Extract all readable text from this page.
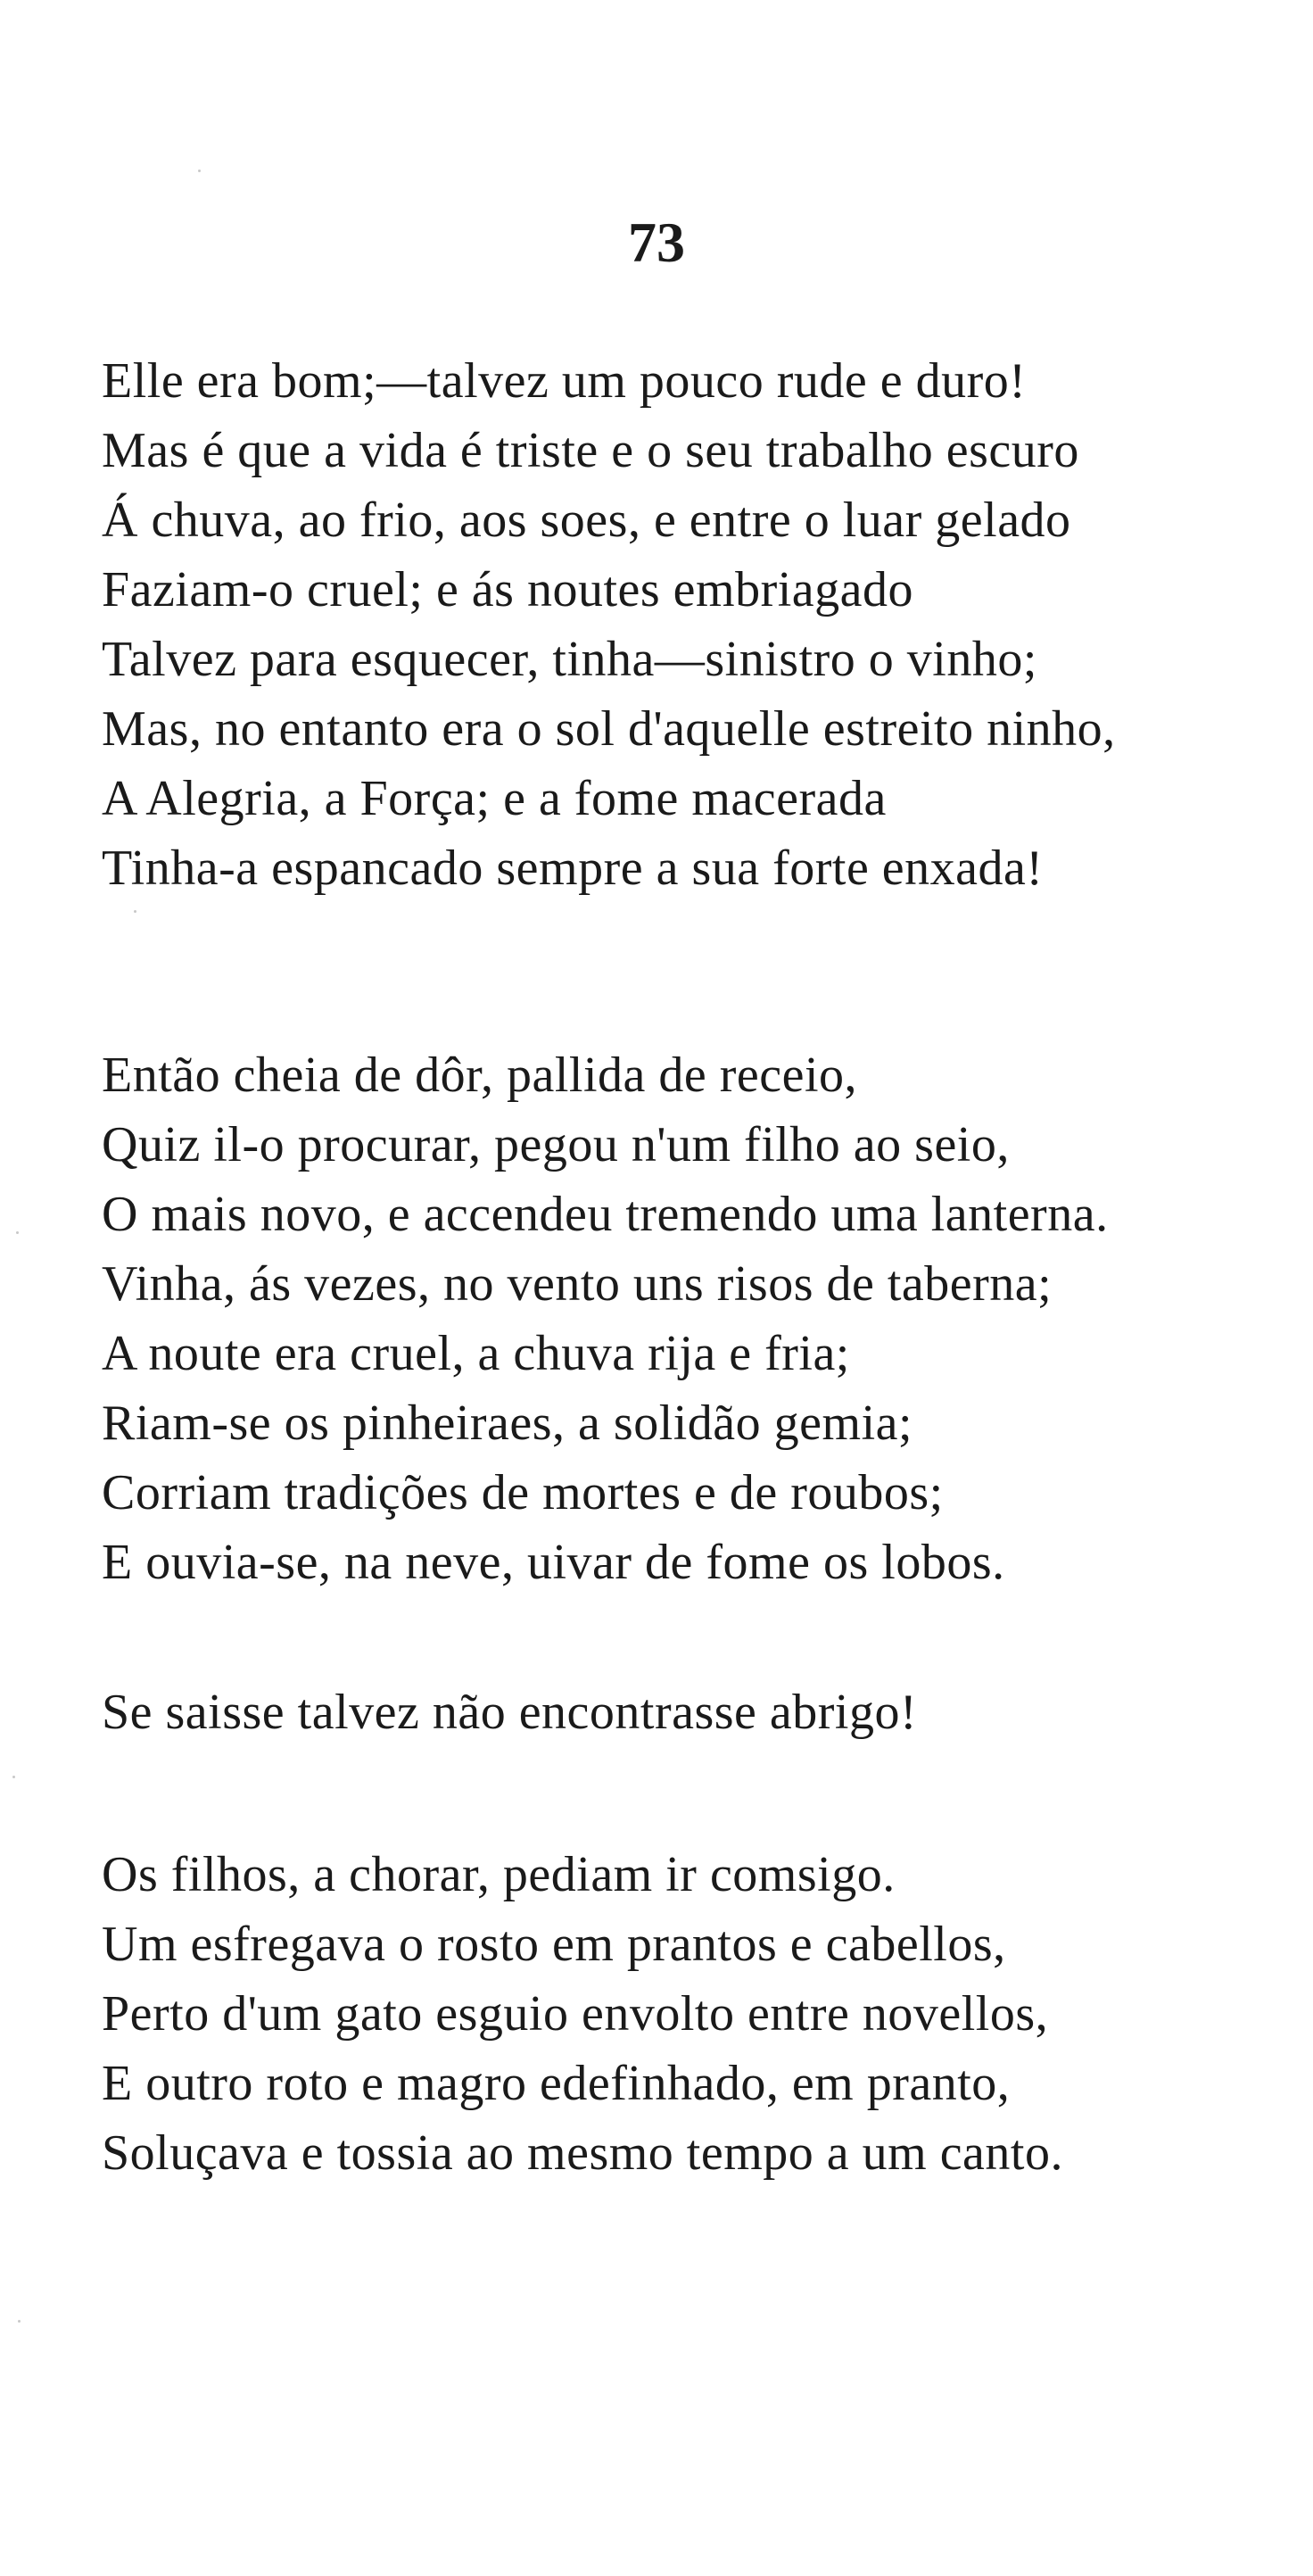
73
Elle era bom;—talvez um pouco rude e duro!
Mas é que a vida é triste e o seu trabalho escuro
Á chuva, ao frio, aos soes, e entre o luar gelado
Faziam-o cruel; e ás noutes embriagado
Talvez para esquecer, tinha—sinistro o vinho;
Mas, no entanto era o sol d'aquelle estreito ninho,
A Alegria, a Força; e a fome macerada
Tinha-a espancado sempre a sua forte enxada!
Então cheia de dôr, pallida de receio,
Quiz il-o procurar, pegou n'um filho ao seio,
O mais novo, e accendeu tremendo uma lanterna.
Vinha, ás vezes, no vento uns risos de taberna;
A noute era cruel, a chuva rija e fria;
Riam-se os pinheiraes, a solidão gemia;
Corriam tradições de mortes e de roubos;
E ouvia-se, na neve, uivar de fome os lobos.
Se saisse talvez não encontrasse abrigo!
Os filhos, a chorar, pediam ir comsigo.
Um esfregava o rosto em prantos e cabellos,
Perto d'um gato esguio envolto entre novellos,
E outro roto e magro edefinhado, em pranto,
Soluçava e tossia ao mesmo tempo a um canto.
